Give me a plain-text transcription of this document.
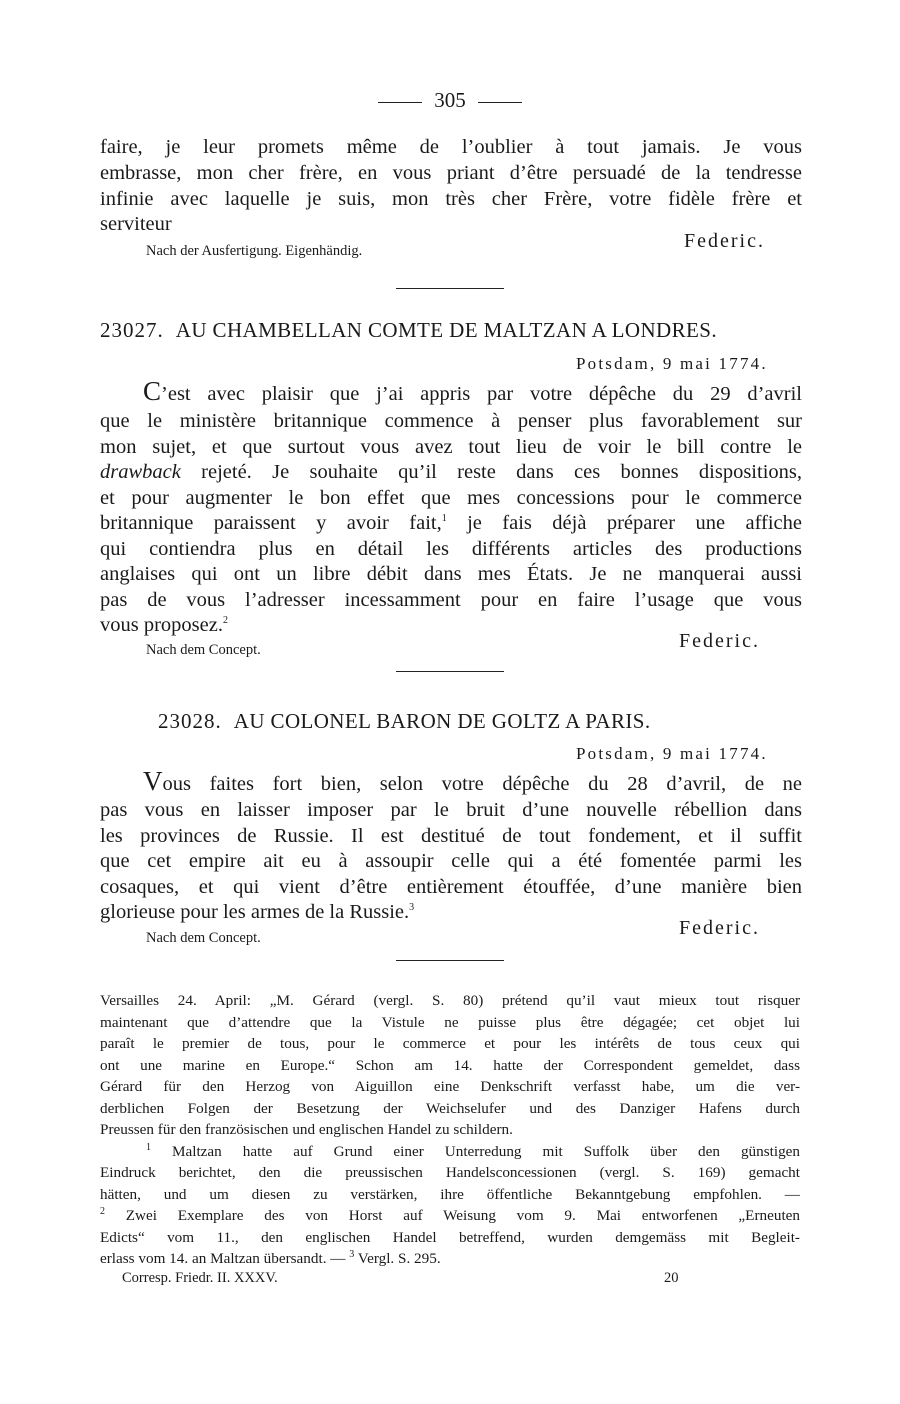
305
faire, je leur promets même de l’oublier à tout jamais. Je vous
embrasse, mon cher frère, en vous priant d’être persuadé de la tendresse
infinie avec laquelle je suis, mon très cher Frère, votre fidèle frère et
serviteur
Federic.
Nach der Ausfertigung. Eigenhändig.
23027. AU CHAMBELLAN COMTE DE MALTZAN A LONDRES.
Potsdam, 9 mai 1774.
C’est avec plaisir que j’ai appris par votre dépêche du 29 d’avril
que le ministère britannique commence à penser plus favorablement sur
mon sujet, et que surtout vous avez tout lieu de voir le bill contre le
drawback rejeté. Je souhaite qu’il reste dans ces bonnes dispositions,
et pour augmenter le bon effet que mes concessions pour le commerce
britannique paraissent y avoir fait,$^1$ je fais déjà préparer une affiche
qui contiendra plus en détail les différents articles des productions
anglaises qui ont un libre débit dans mes États. Je ne manquerai aussi
pas de vous l’adresser incessamment pour en faire l’usage que vous
vous proposez.$^2$
Federic.
Nach dem Concept.
23028. AU COLONEL BARON DE GOLTZ A PARIS.
Potsdam, 9 mai 1774.
Vous faites fort bien, selon votre dépêche du 28 d’avril, de ne
pas vous en laisser imposer par le bruit d’une nouvelle rébellion dans
les provinces de Russie. Il est destitué de tout fondement, et il suffit
que cet empire ait eu à assoupir celle qui a été fomentée parmi les
cosaques, et qui vient d’être entièrement étouffée, d’une manière bien
glorieuse pour les armes de la Russie.$^3$
Federic.
Nach dem Concept.
Versailles 24. April: „M. Gérard (vergl. S. 80) prétend qu’il vaut mieux tout risquer
maintenant que d’attendre que la Vistule ne puisse plus être dégagée; cet objet lui
paraît le premier de tous, pour le commerce et pour les intérêts de tous ceux qui
ont une marine en Europe.“ Schon am 14. hatte der Correspondent gemeldet, dass
Gérard für den Herzog von Aiguillon eine Denkschrift verfasst habe, um die ver-
derblichen Folgen der Besetzung der Weichselufer und des Danziger Hafens durch
Preussen für den französischen und englischen Handel zu schildern.
$^1$ Maltzan hatte auf Grund einer Unterredung mit Suffolk über den günstigen
Eindruck berichtet, den die preussischen Handelsconcessionen (vergl. S. 169) gemacht
hätten, und um diesen zu verstärken, ihre öffentliche Bekanntgebung empfohlen. —
$^2$ Zwei Exemplare des von Horst auf Weisung vom 9. Mai entworfenen „Erneuten
Edicts“ vom 11., den englischen Handel betreffend, wurden demgemäss mit Begleit-
erlass vom 14. an Maltzan übersandt. — $^3$ Vergl. S. 295.
Corresp. Friedr. II. XXXV.	20
